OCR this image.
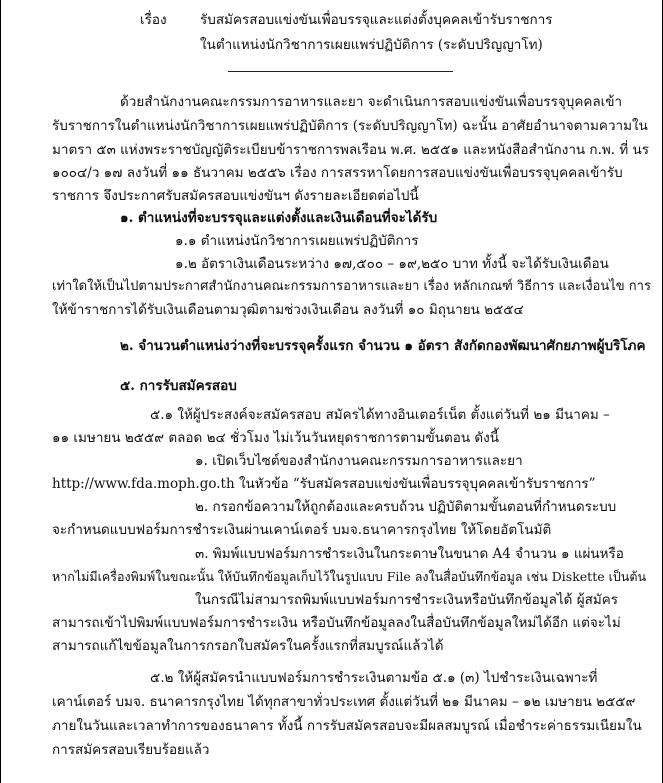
เรื่อง รับสมัครสอบแข่งขันเพื่อบรรจุและแต่งตั้งบุคคลเข้ารับราชการ
ในตำแหน่งนักวิชาการเผยแพร่ปฏิบัติการ (ระดับปริญญาโท)
ด้วยสำนักงานคณะกรรมการอาหารและยา จะดำเนินการสอบแข่งขันเพื่อบรรจุบุคคลเข้า
รับราชการในตำแหน่งนักวิชาการเผยแพร่ปฏิบัติการ (ระดับปริญญาโท) ฉะนั้น อาศัยอำนาจตามความใน
มาตรา ๕๓ แห่งพระราชบัญญัติระเบียบข้าราชการพลเรือน พ.ศ. ๒๕๕๑ และหนังสือสำนักงาน ก.พ. ที่ นร
๑๐๐๔/ว ๑๗ ลงวันที่ ๑๑ ธันวาคม ๒๕๕๖ เรื่อง การสรรหาโดยการสอบแข่งขันเพื่อบรรจุบุคคลเข้ารับ
ราชการ จึงประกาศรับสมัครสอบแข่งขันฯ ดังรายละเอียดต่อไปนี้
๑. ตำแหน่งที่จะบรรจุและแต่งตั้งและเงินเดือนที่จะได้รับ
๑.๑ ตำแหน่งนักวิชาการเผยแพร่ปฏิบัติการ
๑.๒ อัตราเงินเดือนระหว่าง ๑๗,๕๐๐ – ๑๙,๒๕๐ บาท ทั้งนี้ จะได้รับเงินเดือน
เท่าใดให้เป็นไปตามประกาศสำนักงานคณะกรรมการอาหารและยา เรื่อง หลักเกณฑ์ วิธีการ และเงื่อนไข การ
ให้ข้าราชการได้รับเงินเดือนตามวุฒิตามช่วงเงินเดือน ลงวันที่ ๑๐ มิถุนายน ๒๕๕๔
๒. จำนวนตำแหน่งว่างที่จะบรรจุครั้งแรก จำนวน ๑ อัตรา สังกัดกองพัฒนาศักยภาพผู้บริโภค
๕. การรับสมัครสอบ
๕.๑ ให้ผู้ประสงค์จะสมัครสอบ สมัครได้ทางอินเตอร์เน็ต ตั้งแต่วันที่ ๒๑ มีนาคม –
๑๑ เมษายน ๒๕๕๙ ตลอด ๒๔ ชั่วโมง ไม่เว้นวันหยุดราชการตามขั้นตอน ดังนี้
๑. เปิดเว็บไซต์ของสำนักงานคณะกรรมการอาหารและยา
http://www.fda.moph.go.th ในหัวข้อ “รับสมัครสอบแข่งขันเพื่อบรรจุบุคคลเข้ารับราชการ”
๒. กรอกข้อความให้ถูกต้องและครบถ้วน ปฏิบัติตามขั้นตอนที่กำหนดระบบ
จะกำหนดแบบฟอร์มการชำระเงินผ่านเคาน์เตอร์ บมจ.ธนาคารกรุงไทย ให้โดยอัตโนมัติ
๓. พิมพ์แบบฟอร์มการชำระเงินในกระดาษในขนาด A4 จำนวน ๑ แผ่นหรือ
หากไม่มีเครื่องพิมพ์ในขณะนั้น ให้บันทึกข้อมูลเก็บไว้ในรูปแบบ File ลงในสื่อบันทึกข้อมูล เช่น Diskette เป็นต้น
ในกรณีไม่สามารถพิมพ์แบบฟอร์มการชำระเงินหรือบันทึกข้อมูลได้ ผู้สมัคร
สามารถเข้าไปพิมพ์แบบฟอร์มการชำระเงิน หรือบันทึกข้อมูลลงในสื่อบันทึกข้อมูลใหม่ได้อีก แต่จะไม่
สามารถแก้ไขข้อมูลในการกรอกใบสมัครในครั้งแรกที่สมบูรณ์แล้วได้
๕.๒ ให้ผู้สมัครนำแบบฟอร์มการชำระเงินตามข้อ ๕.๑ (๓) ไปชำระเงินเฉพาะที่
เคาน์เตอร์ บมจ. ธนาคารกรุงไทย ได้ทุกสาขาทั่วประเทศ ตั้งแต่วันที่ ๒๑ มีนาคม – ๑๒ เมษายน ๒๕๕๙
ภายในวันและเวลาทำการของธนาคาร ทั้งนี้ การรับสมัครสอบจะมีผลสมบูรณ์ เมื่อชำระค่าธรรมเนียมใน
การสมัครสอบเรียบร้อยแล้ว
